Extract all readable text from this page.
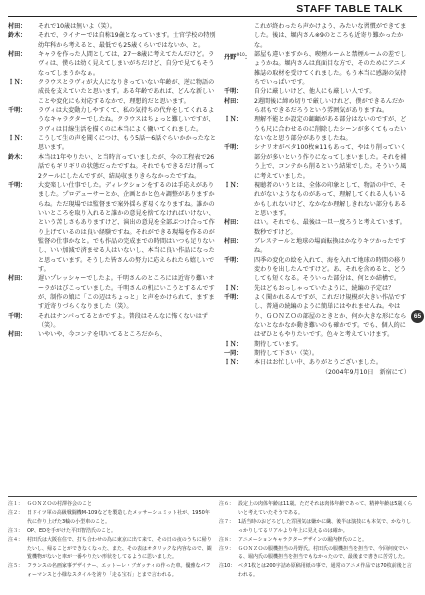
STAFF TABLE TALK
村田：	それで10歳は無いよ（笑）。

鈴木：	それで、ライナーでは自称19歳となっています。士官学校の特別幼年科から考えると、最低でも25歳くらいではないか、と。

村田：	キャラを作った人間としては、27～8歳に考えてたんだけど。ラヴィは、僕らは幼く見えてしまいがちだけど、自分で見てもそうなってしまうかなぁ。

ＩＮ：	クラウスとラヴィが大人になりきっていない年齢が、逆に物語の成長を支えていたと思います。ある年齢であれば、どんな新しいことや変化にも対応するなかで、理想的だと思います。

千明：	ラヴィは大変動力しやすくて、私の気持ちの代弁をしてくれるようなキャラクターでしたね。クラウスはちょっと難しいですが、ラヴィは目線生活を描くのに本当によく働いてくれました。

ＩＮ：	こうして生の声を聞くにつけ、もう5話～6話ぐらいかかったなと思います。

鈴木：	本当は1年やりたい、と当時言っていましたが、今の工程表で26話でもギリギリの状態だったですね。それでもできるだけ削って2クールにしたんですが、結局収まりきらなかったですね。

千明：	大変楽しい仕事でした。ディレクションをするのは手応えがありました。プロデューサーとか、企画とかと色々調整がありますからね。ただ現場では監督まで案外揺らぎ易くなりますね。誰かのいいところを取り入れると誰かの意見を捨てなければいけない、という苦しさもありますけど、演出の意見を全部ぶつけ合って作り上げているのは良い経験ですね。それができる現場を作るのが監督の仕事かなと。でも作品の完成までの時間はいつも足りないし、いい加減で済ませる人はいないし、本当に良い作品になったと思っています。そうした皆さんの努力に応えられたら嬉しいです。

村田：	遅いプレッシャーでしたよ。千明さんのところには近寄り難いオーラがはびこっていました。千明さんの机にいこうとするんですが、制作の娘に「この辺はちょっと」と声をかけられて、ますます近寄りづらくなりました（笑）。

千明：	それはナンパってるとかですよ。普段はそんなに怖くないはず（笑）。

村田：	いやいや、今コンテを叩いてるところだから、

これが終わったら声かけよう、みたいな習慣ができてました。後は、堀内さん※9のところも近寄り難かったかな。

丹野$^{※10}$： 部屋も違いますから、喫煙ルームと禁煙ルームの差でしょうかね。堀内さんは真面目な方で、そのためにアニメ雑誌の取材を受けてくれました。もう本当に感謝の気持ちでいっぱいです。

千明：	自分に厳しいけど、他人にも厳しい人です。

村田：	2週間後に締め切りで厳しいけれど、僕ができるんだから君もできるだろうという雰囲気がありますね。

ＩＮ：	理解不能とか設定の齟齬がある部分はないのですが、どうも尺に合わせるのに削除したシーンが多くてもったいないなと思う部分がありましたね。

千明：	シナリオがベタ100枚※11もあって、やはり削っていく部分が多いという作りになってしまいました。それを補う上で、コンテから削るという結果でした。そういう風に考えていました。

ＩＮ：	視聴者のいうとは、全体の印象として、物語の中で、それがないようなものがあって、理解してくれる人もいるかもしれないけど、なかなか理解しきれない部分もあると思います。

村田：	はい。それでも、最後は一旦一度ろうと考えています。数秒ですけど。

村田：	ブレステールと地球の場面転換はかなりキツかったですね。

千明：	四季の変化の絵を入れて、海を入れて地球の時間の移り変わりを出したんですけど。あ、それを含めると、どうしても短くなる。そういった部分は、何とか結構で。

ＩＮ：	先はどもおっしゃっていたように、続編の予定は？

千明：	よく聞かれるんですが、これだけ規模が大きい作品ですし、普通の続編のように簡単にはやれませんね。やはり、ＧＯＮＺＯの部屋のときとか、何か大きな形にならないとなかなか動き難いのも確かです。でも、個人的にはぜひともやりたいです。色々と考えていけます。

ＩＮ：	期待しています。

一同：	期待して下さい（笑）。

ＩＮ：	本日はお忙しい中、ありがとうございました。

（2004年9月10日　新宿にて）

65
注１： ＧＯＮＺＯの村澤谷会のこと
注２： 日ドイツ軍の高級戦闘機M-109などを製造したメッサーシュミット社が、1950年代に作り上げた3輪の小型車のこと。
注３： OP、EDを手がけた平田智浩氏のこと。
注４： 村田氏は大阪在住で、打ち合わせの為に東京に出て来て、その日の夜のうちに帰りたいし、帰ることができなくなった、また、その表はオタリックな内容なので、観覧機物がないと車が一番やりたい形状をしてるように思いました。
注５： フランスの名画家事デザイナー、エットーレ・ブガッティの作った車。優雅なパフォーマンスと小様なスタイルを誇り「走る宝石」とまで言われる。
注６： 設定上の肉体年齢は11歳。ただそれは肉体年齢であって、精神年齢は5歳くらいと考えていたそうである。
注７： 1話当時のおどろどした雰囲気は嫌かに繊、後半は演技にも本気で、かなりしっかりしてるリアルより年上に見えるのは確か。
注８： アニメーションキャラクターデザインの堀内修氏のこと。
注９： ＧＯＮＺＯの服機担当の丹野氏。村田氏の服機担当を担当で、今回何度でいる、堀内氏の服機担当を担当でもなかったので、最後まで書きに苦労した。
注10： ベタ1枚とは200字詰め原稿用紙の事で、通常のアニメ作品では70枚前後と言われる。
